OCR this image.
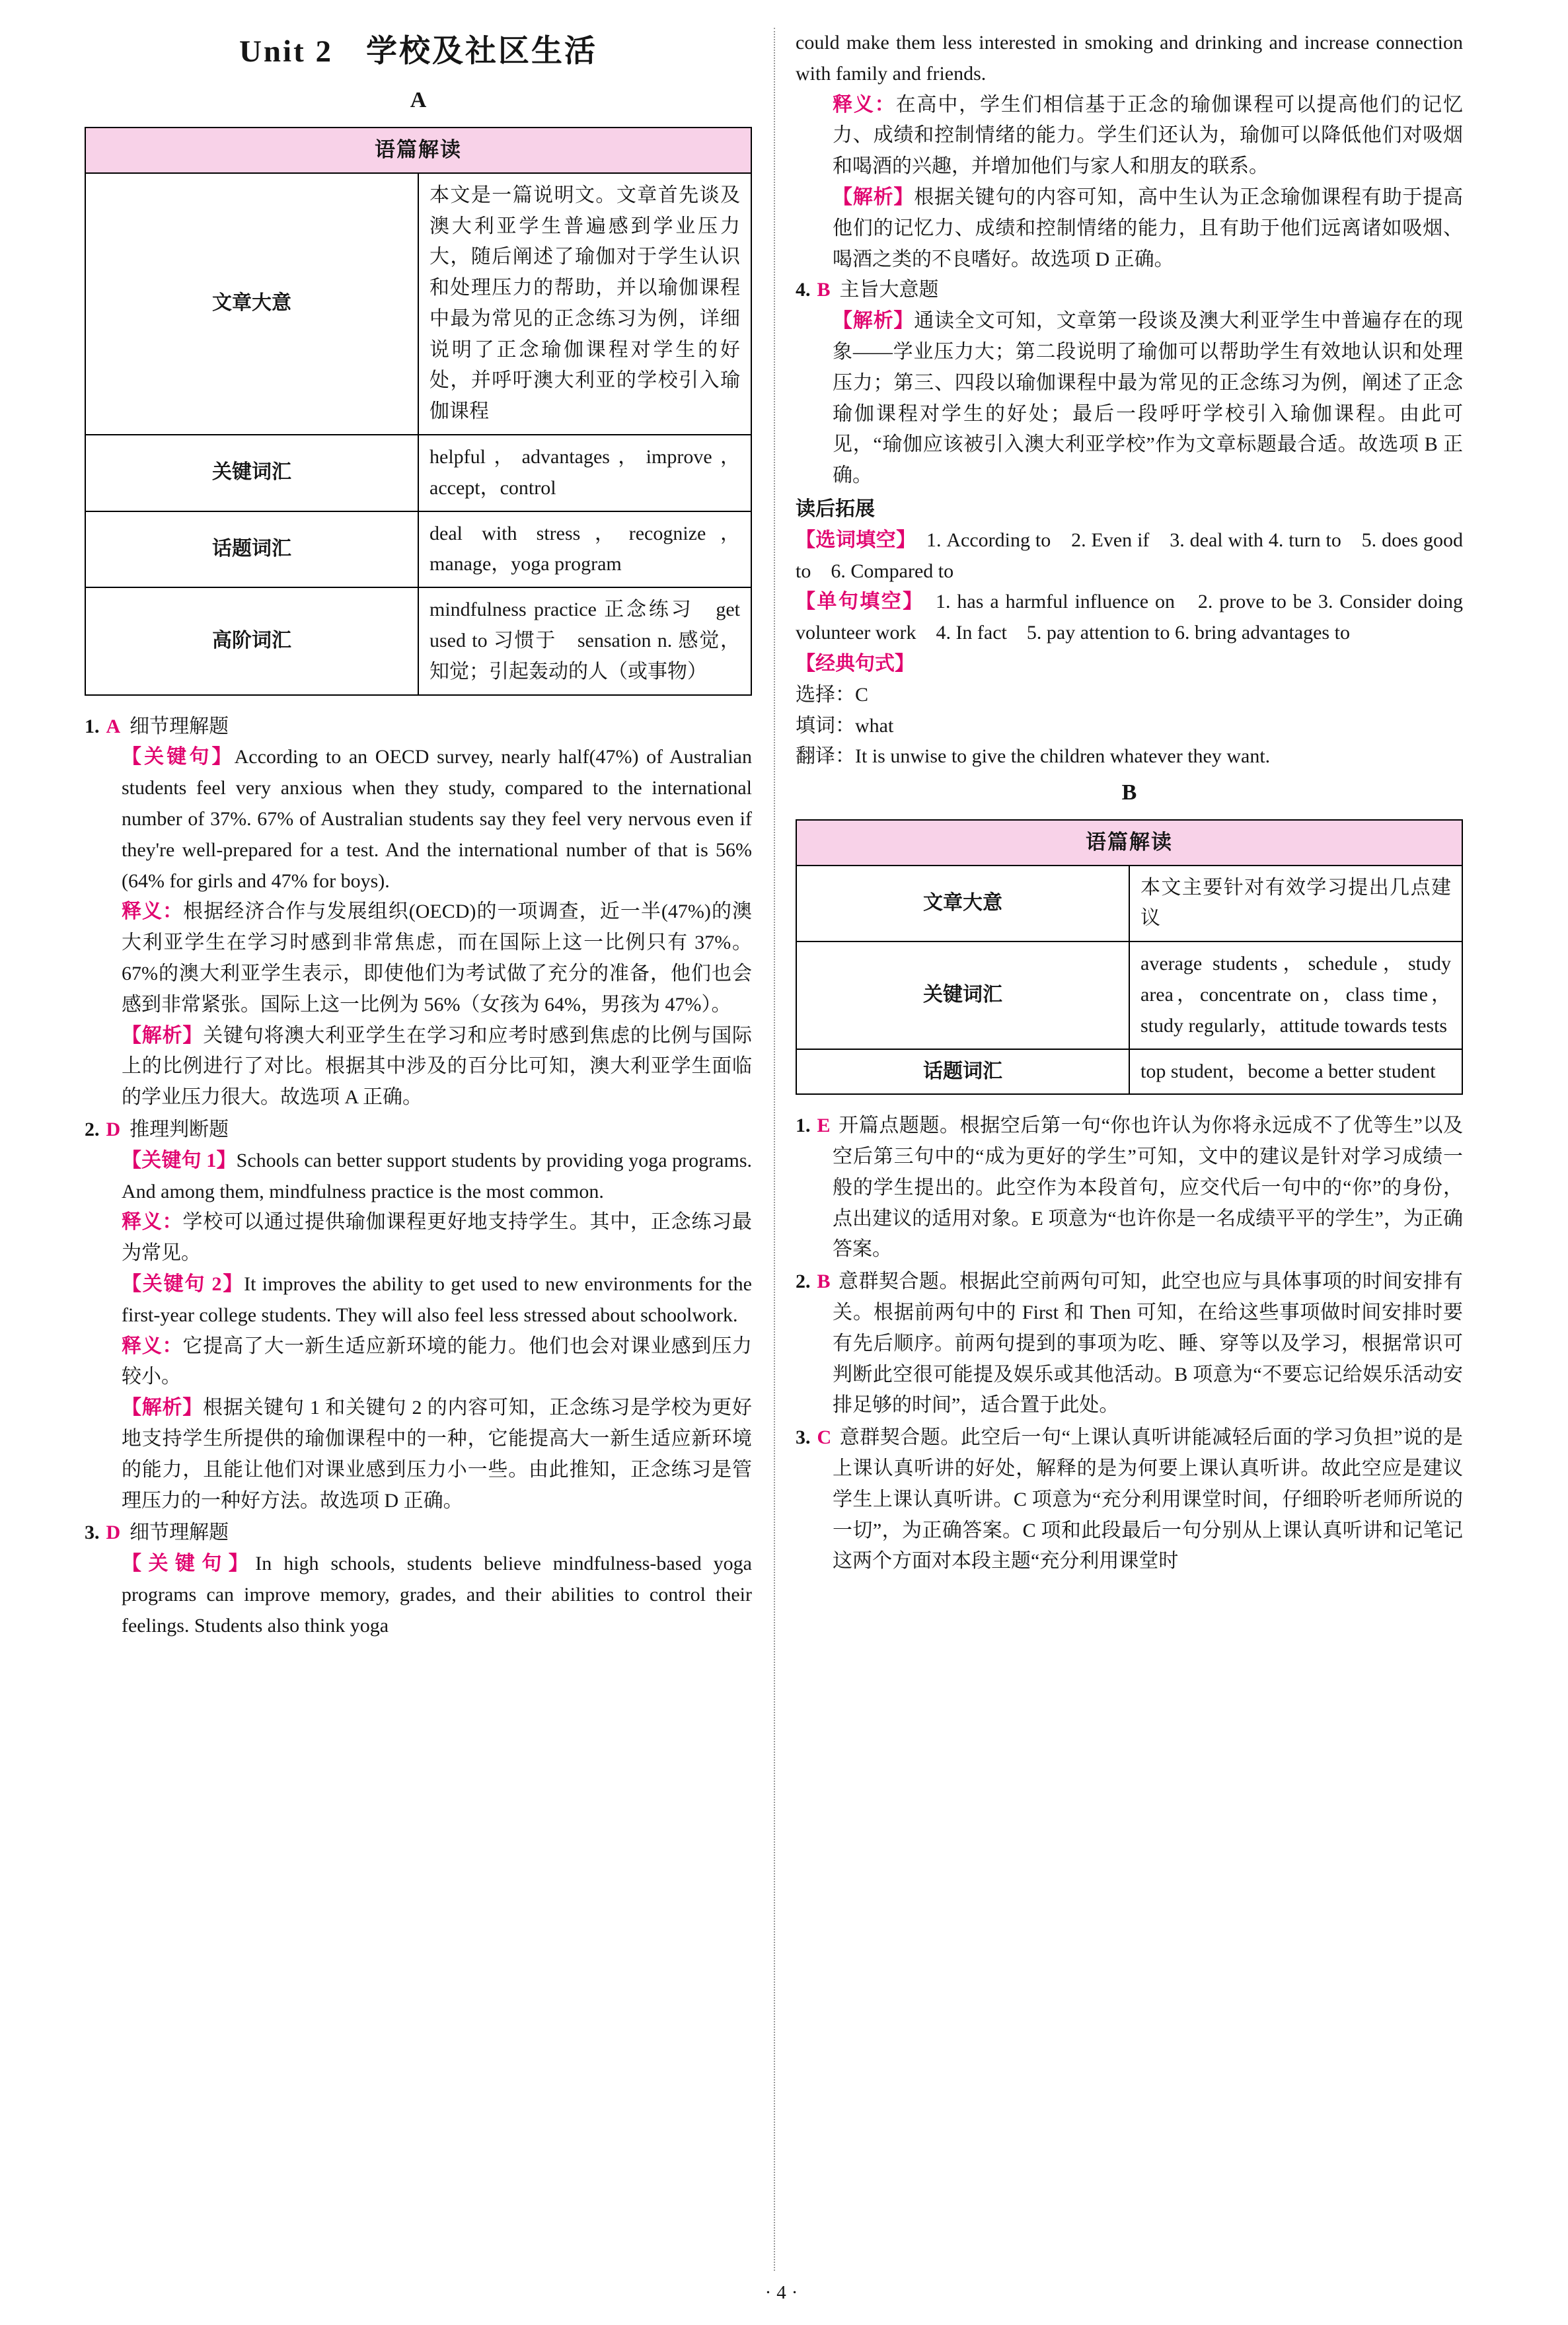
Unit 2　学校及社区生活
A
语篇解读	
文章大意	本文是一篇说明文。文章首先谈及澳大利亚学生普遍感到学业压力大，随后阐述了瑜伽对于学生认识和处理压力的帮助，并以瑜伽课程中最为常见的正念练习为例，详细说明了正念瑜伽课程对学生的好处，并呼吁澳大利亚的学校引入瑜伽课程
关键词汇	helpful，advantages，improve，accept，control
话题词汇	deal with stress，recognize，manage，yoga program
高阶词汇	mindfulness practice 正念练习　get used to 习惯于　sensation n. 感觉，知觉；引起轰动的人（或事物）
1. A 细节理解题
【关键句】According to an OECD survey, nearly half(47%) of Australian students feel very anxious when they study, compared to the international number of 37%. 67% of Australian students say they feel very nervous even if they're well-prepared for a test. And the international number of that is 56%(64% for girls and 47% for boys).
释义：根据经济合作与发展组织(OECD)的一项调查，近一半(47%)的澳大利亚学生在学习时感到非常焦虑，而在国际上这一比例只有 37%。67%的澳大利亚学生表示，即使他们为考试做了充分的准备，他们也会感到非常紧张。国际上这一比例为 56%（女孩为 64%，男孩为 47%）。
【解析】关键句将澳大利亚学生在学习和应考时感到焦虑的比例与国际上的比例进行了对比。根据其中涉及的百分比可知，澳大利亚学生面临的学业压力很大。故选项 A 正确。
2. D 推理判断题
【关键句 1】Schools can better support students by providing yoga programs. And among them, mindfulness practice is the most common.
释义：学校可以通过提供瑜伽课程更好地支持学生。其中，正念练习最为常见。
【关键句 2】It improves the ability to get used to new environments for the first-year college students. They will also feel less stressed about schoolwork.
释义：它提高了大一新生适应新环境的能力。他们也会对课业感到压力较小。
【解析】根据关键句 1 和关键句 2 的内容可知，正念练习是学校为更好地支持学生所提供的瑜伽课程中的一种，它能提高大一新生适应新环境的能力，且能让他们对课业感到压力小一些。由此推知，正念练习是管理压力的一种好方法。故选项 D 正确。
3. D 细节理解题
【关键句】In high schools, students believe mindfulness-based yoga programs can improve memory, grades, and their abilities to control their feelings. Students also think yoga
could make them less interested in smoking and drinking and increase connection with family and friends.
释义：在高中，学生们相信基于正念的瑜伽课程可以提高他们的记忆力、成绩和控制情绪的能力。学生们还认为，瑜伽可以降低他们对吸烟和喝酒的兴趣，并增加他们与家人和朋友的联系。
【解析】根据关键句的内容可知，高中生认为正念瑜伽课程有助于提高他们的记忆力、成绩和控制情绪的能力，且有助于他们远离诸如吸烟、喝酒之类的不良嗜好。故选项 D 正确。
4. B 主旨大意题
【解析】通读全文可知，文章第一段谈及澳大利亚学生中普遍存在的现象——学业压力大；第二段说明了瑜伽可以帮助学生有效地认识和处理压力；第三、四段以瑜伽课程中最为常见的正念练习为例，阐述了正念瑜伽课程对学生的好处；最后一段呼吁学校引入瑜伽课程。由此可见，“瑜伽应该被引入澳大利亚学校”作为文章标题最合适。故选项 B 正确。
读后拓展
【选词填空】　1. According to　2. Even if　3. deal with 4. turn to　5. does good to　6. Compared to
【单句填空】　1. has a harmful influence on　2. prove to be 3. Consider doing volunteer work　4. In fact　5. pay attention to 6. bring advantages to
【经典句式】
选择：C
填词：what
翻译：It is unwise to give the children whatever they want.
B
语篇解读	
文章大意	本文主要针对有效学习提出几点建议
关键词汇	average students，schedule，study area，concentrate on，class time，study regularly，attitude towards tests
话题词汇	top student，become a better student
1. E 开篇点题题。根据空后第一句“你也许认为你将永远成不了优等生”以及空后第三句中的“成为更好的学生”可知，文中的建议是针对学习成绩一般的学生提出的。此空作为本段首句，应交代后一句中的“你”的身份，点出建议的适用对象。E 项意为“也许你是一名成绩平平的学生”，为正确答案。
2. B 意群契合题。根据此空前两句可知，此空也应与具体事项的时间安排有关。根据前两句中的 First 和 Then 可知，在给这些事项做时间安排时要有先后顺序。前两句提到的事项为吃、睡、穿等以及学习，根据常识可判断此空很可能提及娱乐或其他活动。B 项意为“不要忘记给娱乐活动安排足够的时间”，适合置于此处。
3. C 意群契合题。此空后一句“上课认真听讲能减轻后面的学习负担”说的是上课认真听讲的好处，解释的是为何要上课认真听讲。故此空应是建议学生上课认真听讲。C 项意为“充分利用课堂时间，仔细聆听老师所说的一切”，为正确答案。C 项和此段最后一句分别从上课认真听讲和记笔记这两个方面对本段主题“充分利用课堂时
·4·
